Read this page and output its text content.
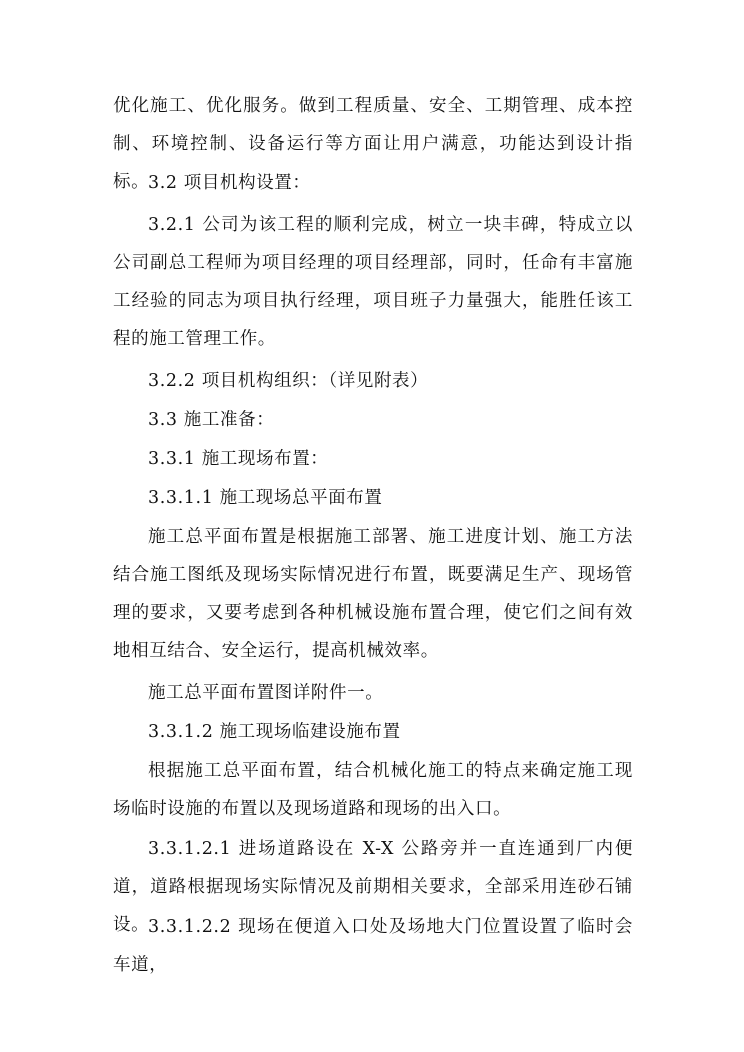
优化施工、优化服务。做到工程质量、安全、工期管理、成本控制、环境控制、设备运行等方面让用户满意，功能达到设计指标。

3.2 项目机构设置：

3.2.1 公司为该工程的顺利完成，树立一块丰碑，特成立以公司副总工程师为项目经理的项目经理部，同时，任命有丰富施工经验的同志为项目执行经理，项目班子力量强大，能胜任该工程的施工管理工作。

3.2.2 项目机构组织：（详见附表）

3.3 施工准备：

3.3.1 施工现场布置：

3.3.1.1 施工现场总平面布置

施工总平面布置是根据施工部署、施工进度计划、施工方法结合施工图纸及现场实际情况进行布置，既要满足生产、现场管理的要求，又要考虑到各种机械设施布置合理，使它们之间有效地相互结合、安全运行，提高机械效率。

施工总平面布置图详附件一。

3.3.1.2 施工现场临建设施布置

根据施工总平面布置，结合机械化施工的特点来确定施工现场临时设施的布置以及现场道路和现场的出入口。

3.3.1.2.1 进场道路设在 X-X 公路旁并一直连通到厂内便道，道路根据现场实际情况及前期相关要求，全部采用连砂石铺设。

3.3.1.2.2 现场在便道入口处及场地大门位置设置了临时会车道，
